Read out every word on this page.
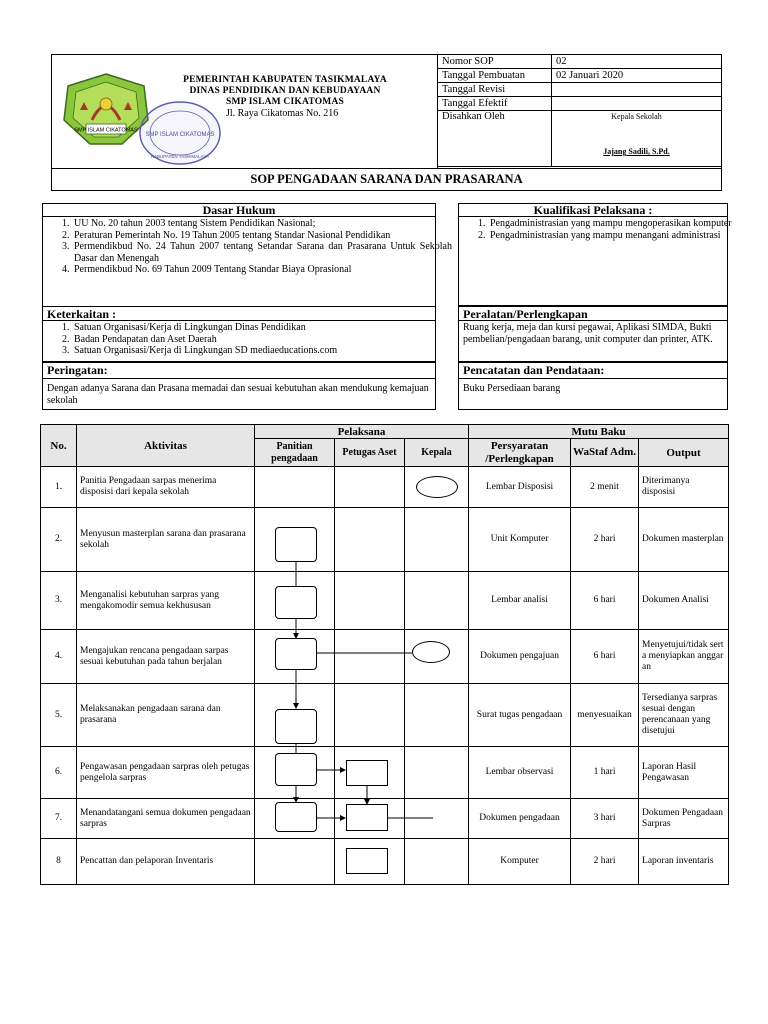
SMP ISLAM CIKATOMAS
SMP ISLAM CIKATOMAS
KABUPATEN TASIKMALAYA
PEMERINTAH KABUPATEN TASIKMALAYA
DINAS PENDIDIKAN DAN KEBUDAYAAN
SMP ISLAM CIKATOMAS
Jl. Raya Cikatomas No. 216
Nomor SOP	02
Tanggal Pembuatan	02 Januari 2020
Tanggal Revisi	
Tanggal Efektif	
Disahkan Oleh	Kepala Sekolah
Jajang Sadili, S.Pd.
SOP PENGADAAN SARANA DAN PRASARANA
Dasar Hukum
1. UU No. 20 tahun 2003 tentang Sistem Pendidikan Nasional;
2. Peraturan Pemerintah No. 19 Tahun 2005 tentang Standar Nasional Pendidikan
3. Permendikbud No. 24 Tahun 2007 tentang Setandar Sarana dan Prasarana Untuk Sekolah Dasar dan Menengah
4. Permendikbud No. 69 Tahun 2009 Tentang Standar Biaya Oprasional
Kualifikasi Pelaksana :
1. Pengadministrasian yang mampu mengoperasikan komputer
2. Pengadministrasian yang mampu menangani administrasi
Keterkaitan :
1. Satuan Organisasi/Kerja di Lingkungan Dinas Pendidikan
2. Badan Pendapatan dan Aset Daerah
3. Satuan Organisasi/Kerja di Lingkungan SD mediaeducations.com
Peralatan/Perlengkapan
Ruang kerja, meja dan kursi pegawai, Aplikasi SIMDA, Bukti pembelian/pengadaan barang, unit computer dan printer, ATK.
Peringatan:
Dengan adanya Sarana dan Prasana memadai dan sesuai kebutuhan akan mendukung kemajuan sekolah
Pencatatan dan Pendataan:
Buku Persediaan barang
No.	Aktivitas	Pelaksana			Mutu Baku		
		Panitian pengadaan	Petugas Aset	Kepala	Persyaratan /Perlengkapan	WaStaf Adm.	Output
1.	Panitia Pengadaan sarpas menerima disposisi dari kepala sekolah				Lembar Disposisi	2 menit	Diterimanya disposisi
2.	Menyusun masterplan sarana dan prasarana sekolah				Unit Komputer	2 hari	Dokumen masterplan
3.	Menganalisi kebutuhan sarpras yang mengakomodir semua kekhususan				Lembar analisi	6 hari	Dokumen Analisi
4.	Mengajukan rencana pengadaan sarpas sesuai kebutuhan pada tahun berjalan				Dokumen pengajuan	6 hari	Menyetujui/tidak serta menyiapkan anggaran
5.	Melaksanakan pengadaan sarana dan prasarana				Surat tugas pengadaan	menyesuaikan	Tersedianya sarpras sesuai dengan perencanaan yang disetujui
6.	Pengawasan pengadaan sarpras oleh petugas pengelola sarpras				Lembar observasi	1 hari	Laporan Hasil Pengawasan
7.	Menandatangani semua dokumen pengadaan sarpras				Dokumen pengadaan	3 hari	Dokumen Pengadaan Sarpras
8	Pencattan dan pelaporan Inventaris				Komputer	2 hari	Laporan inventaris
